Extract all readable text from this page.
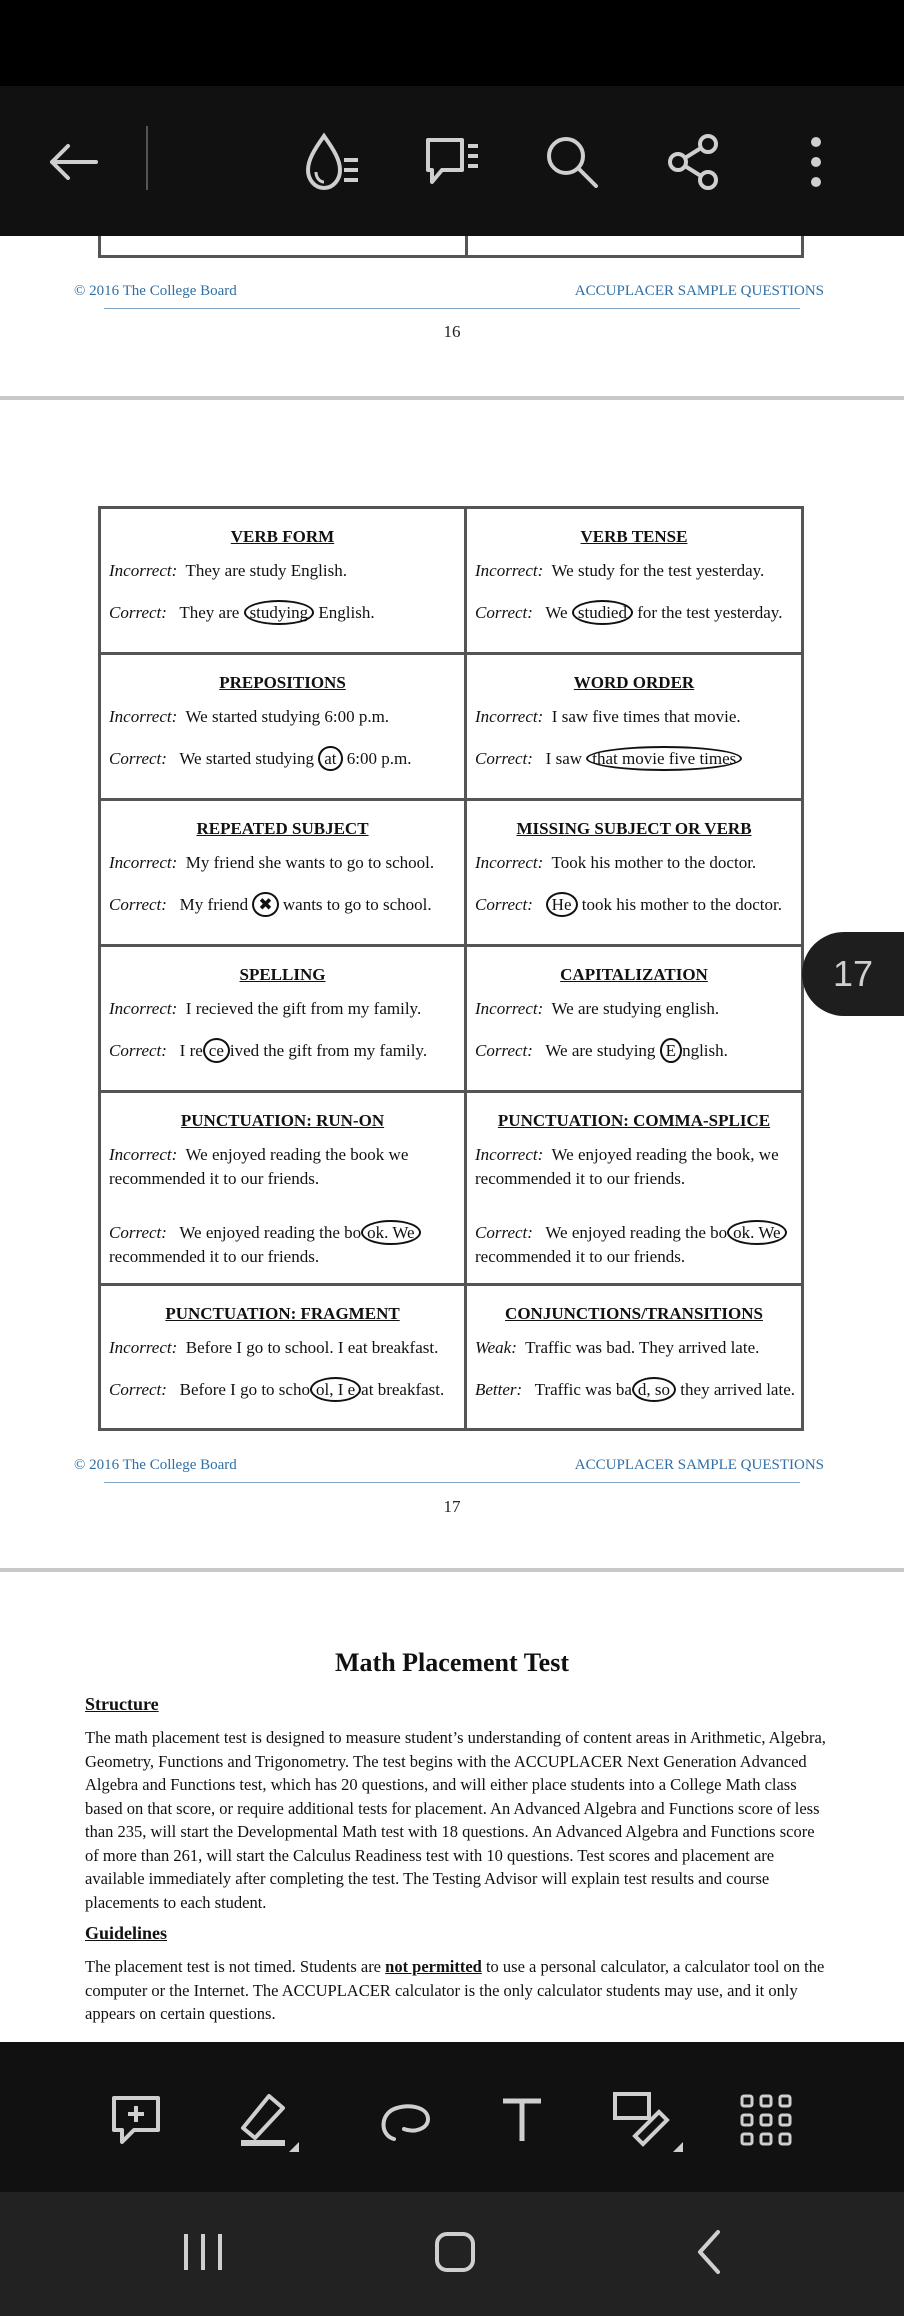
© 2016 The College Board	ACCUPLACER SAMPLE QUESTIONS
16
VERB FORM
Incorrect: They are study English.
Correct: They are studying English.
VERB TENSE
Incorrect: We study for the test yesterday.
Correct: We studied for the test yesterday.
PREPOSITIONS
Incorrect: We started studying 6:00 p.m.
Correct: We started studying at 6:00 p.m.
WORD ORDER
Incorrect: I saw five times that movie.
Correct: I saw that movie five times
REPEATED SUBJECT
Incorrect: My friend she wants to go to school.
Correct: My friend ✖ wants to go to school.
MISSING SUBJECT OR VERB
Incorrect: Took his mother to the doctor.
Correct: He took his mother to the doctor.
SPELLING
Incorrect: I recieved the gift from my family.
Correct: I re ce ived the gift from my family.
CAPITALIZATION
Incorrect: We are studying english.
Correct: We are studying E nglish.
PUNCTUATION: RUN-ON
Incorrect: We enjoyed reading the book we recommended it to our friends.
Correct: We enjoyed reading the bo ok. We recommended it to our friends.
PUNCTUATION: COMMA-SPLICE
Incorrect: We enjoyed reading the book, we recommended it to our friends.
Correct: We enjoyed reading the bo ok. We recommended it to our friends.
PUNCTUATION: FRAGMENT
Incorrect: Before I go to school. I eat breakfast.
Correct: Before I go to scho ol, I e at breakfast.
CONJUNCTIONS/TRANSITIONS
Weak: Traffic was bad. They arrived late.
Better: Traffic was ba d, so they arrived late.
© 2016 The College Board	ACCUPLACER SAMPLE QUESTIONS
17
Math Placement Test
Structure
The math placement test is designed to measure student’s understanding of content areas in Arithmetic, Algebra, Geometry, Functions and Trigonometry. The test begins with the ACCUPLACER Next Generation Advanced Algebra and Functions test, which has 20 questions, and will either place students into a College Math class based on that score, or require additional tests for placement. An Advanced Algebra and Functions score of less than 235, will start the Developmental Math test with 18 questions. An Advanced Algebra and Functions score of more than 261, will start the Calculus Readiness test with 10 questions. Test scores and placement are available immediately after completing the test. The Testing Advisor will explain test results and course placements to each student.
Guidelines
The placement test is not timed. Students are not permitted to use a personal calculator, a calculator tool on the computer or the Internet. The ACCUPLACER calculator is the only calculator students may use, and it only appears on certain questions.
17
